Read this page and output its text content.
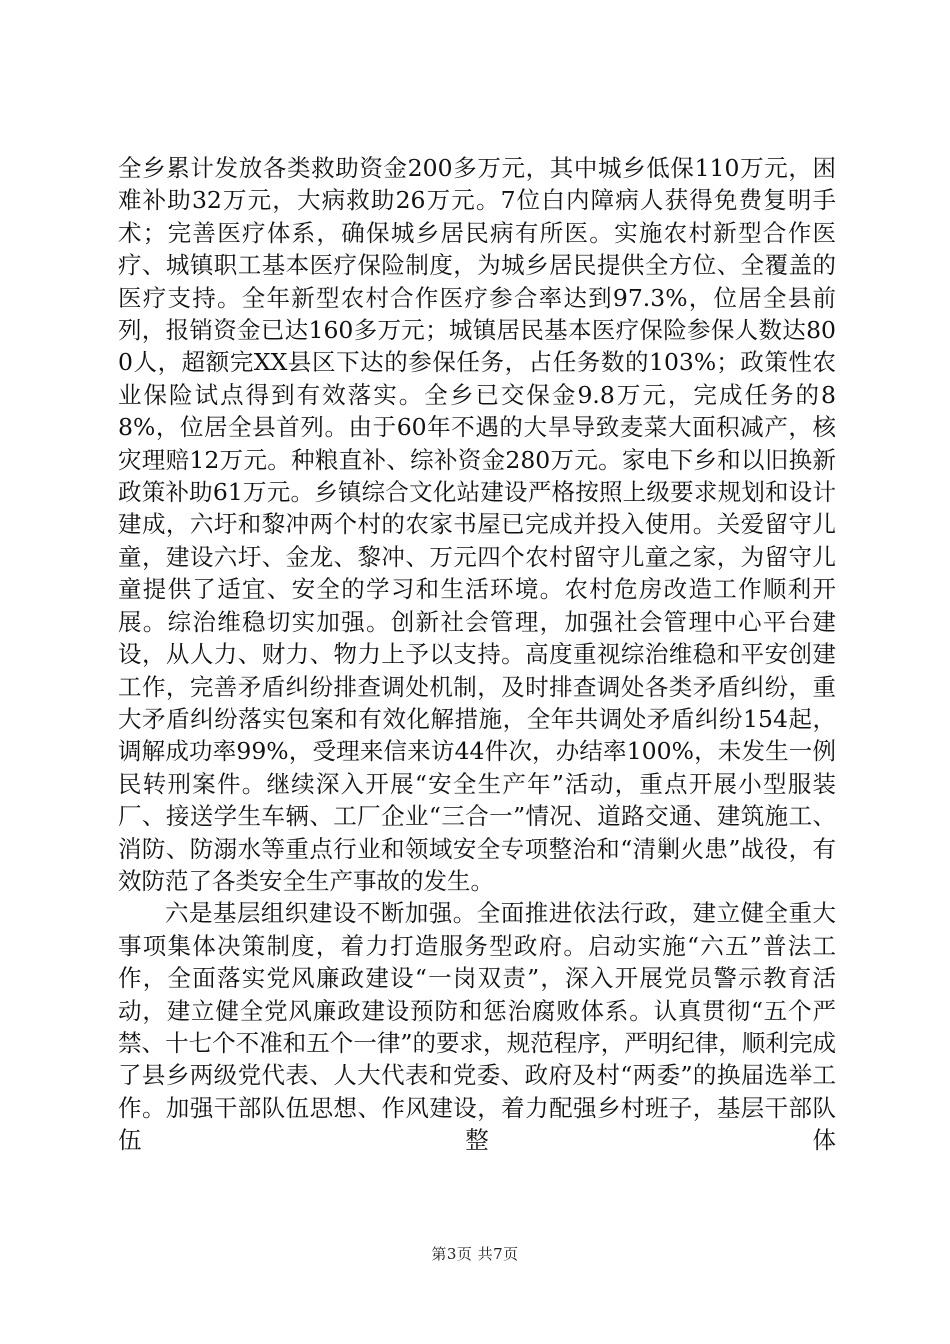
全乡累计发放各类救助资金200多万元，其中城乡低保110万元，困难补助32万元，大病救助26万元。7位白内障病人获得免费复明手术；完善医疗体系，确保城乡居民病有所医。实施农村新型合作医疗、城镇职工基本医疗保险制度，为城乡居民提供全方位、全覆盖的医疗支持。全年新型农村合作医疗参合率达到97.3%，位居全县前列，报销资金已达160多万元；城镇居民基本医疗保险参保人数达800人，超额完XX县区下达的参保任务，占任务数的103%；政策性农业保险试点得到有效落实。全乡已交保金9.8万元，完成任务的88%，位居全县首列。由于60年不遇的大旱导致麦菜大面积减产，核灾理赔12万元。种粮直补、综补资金280万元。家电下乡和以旧换新政策补助61万元。乡镇综合文化站建设严格按照上级要求规划和设计建成，六圩和黎冲两个村的农家书屋已完成并投入使用。关爱留守儿童，建设六圩、金龙、黎冲、万元四个农村留守儿童之家，为留守儿童提供了适宜、安全的学习和生活环境。农村危房改造工作顺利开展。综治维稳切实加强。创新社会管理，加强社会管理中心平台建设，从人力、财力、物力上予以支持。高度重视综治维稳和平安创建工作，完善矛盾纠纷排查调处机制，及时排查调处各类矛盾纠纷，重大矛盾纠纷落实包案和有效化解措施，全年共调处矛盾纠纷154起，调解成功率99%，受理来信来访44件次，办结率100%，未发生一例民转刑案件。继续深入开展“安全生产年”活动，重点开展小型服装厂、接送学生车辆、工厂企业“三合一”情况、道路交通、建筑施工、消防、防溺水等重点行业和领域安全专项整治和“清剿火患”战役，有效防范了各类安全生产事故的发生。

六是基层组织建设不断加强。全面推进依法行政，建立健全重大事项集体决策制度，着力打造服务型政府。启动实施“六五”普法工作，全面落实党风廉政建设“一岗双责”，深入开展党员警示教育活动，建立健全党风廉政建设预防和惩治腐败体系。认真贯彻“五个严禁、十七个不准和五个一律”的要求，规范程序，严明纪律，顺利完成了县乡两级党代表、人大代表和党委、政府及村“两委”的换届选举工作。加强干部队伍思想、作风建设，着力配强乡村班子，基层干部队伍整体

第3页 共7页
